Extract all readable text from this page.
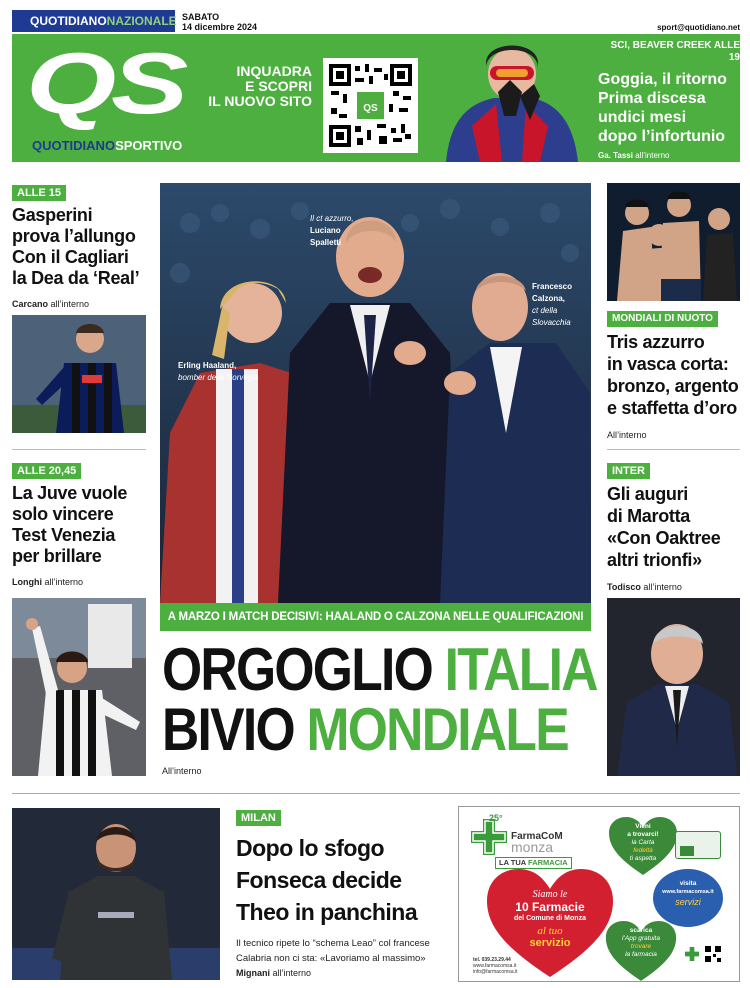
QUOTIDIANONAZIONALE SABATO
14 dicembre 2024	sport@quotidiano.net
QS
QUOTIDIANOSPORTIVO
INQUADRA
E SCOPRI
IL NUOVO SITO	QS
SCI, BEAVER CREEK ALLE 19
Goggia, il ritorno
Prima discesa
undici mesi
dopo l’infortunio
Ga. Tassi all’interno
ALLE 15
Gasperini
prova l’allungo
Con il Cagliari
la Dea da ‘Real’
Carcano all’interno
ALLE 20,45
La Juve vuole
solo vincere
Test Venezia
per brillare
Longhi all’interno
Il ct azzurro,
Luciano
Spalletti
Erling Haaland,
bomber della Norvegia
Francesco
Calzona,
ct della
Slovacchia
A MARZO I MATCH DECISIVI: HAALAND O CALZONA NELLE QUALIFICAZIONI
ORGOGLIO ITALIA
BIVIO MONDIALE
All’interno
MONDIALI DI NUOTO
Tris azzurro
in vasca corta:
bronzo, argento
e staffetta d’oro
All’interno
INTER
Gli auguri
di Marotta
«Con Oaktree
altri trionfi»
Todisco all’interno
MILAN
Dopo lo sfogo
Fonseca decide
Theo in panchina
Il tecnico ripete lo “schema Leao” col francese
Calabria non ci sta: «Lavoriamo al massimo»
Mignani all’interno
25°
FarmaCoM
monza
LA TUA FARMACIA
Siamo le
10 Farmacie
del Comune di Monza
al tuo
servizio
Vieni
a trovarci!
la Carta
fedeltà
ti aspetta
visita
www.farmacomsa.it
servizi
scarica
l’App gratuita
trovare
la farmacia
tel. 039.23.29.44
www.farmacomsa.it
info@farmacomsa.it
